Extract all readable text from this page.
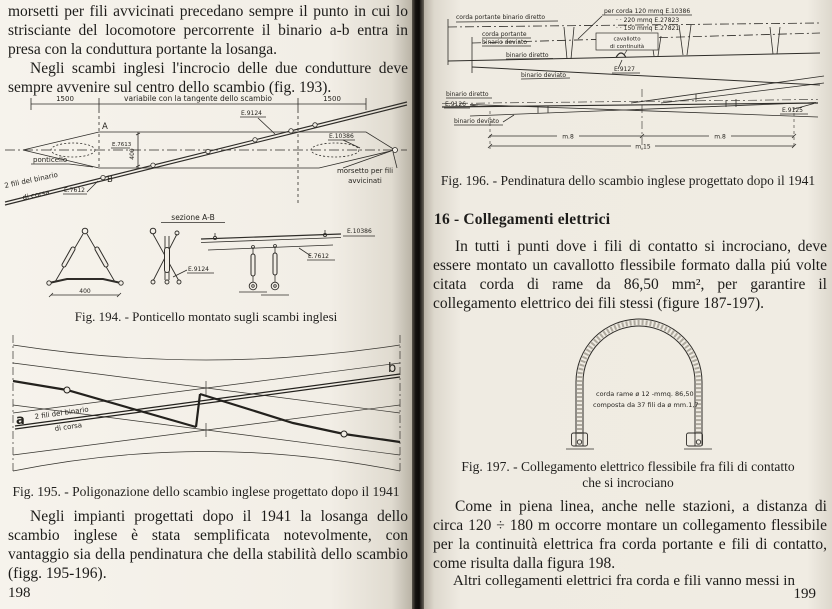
morsetti per fili avvicinati precedano sempre il punto in cui lo strisciante del locomotore percorrente il binario a-b entra in presa con la conduttura portante la losanga.

Negli scambi inglesi l'incrocio delle due condutture deve sempre avvenire sul centro dello scambio (fig. 193).

1500	variabile con la tangente dello scambio	1500
A
B
E.9124
E.10386
E.7613
400
ponticello
2 fili del binario
di corsa E.7612
morsetto per fili
avvicinati
sezione A-B
E.10386
E.7612
E.9124
400
Fig. 194. - Ponticello montato sugli scambi inglesi
a
b
2 fili del binario
di corsa
Fig. 195. - Poligonazione dello scambio inglese progettato dopo il 1941

Negli impianti progettati dopo il 1941 la losanga dello scambio inglese è stata semplificata notevolmente, con vantaggio sia della pendinatura che della stabilità dello scambio (figg. 195-196).

198
per corda 120 mmq E.10386
· · 220 mmq E.27823
· · 150 mmq E.27821
corda portante binario diretto
corda portante
binario deviato
binario diretto
binario deviato
cavallotto
di continuità
E.9127
binario diretto
E.9126
binario deviato
E.9125
m.8	m.8
m.15
Fig. 196. - Pendinatura dello scambio inglese progettato dopo il 1941
16 - Collegamenti elettrici

In tutti i punti dove i fili di contatto si incrociano, deve essere montato un cavallotto flessibile formato dalla piú volte citata corda di rame da 86,50 mm², per garantire il collegamento elettrico dei fili stessi (figure 187-197).

corda rame ø 12 -mmq. 86,50
composta da 37 fili da ø mm.1,7
Fig. 197. - Collegamento elettrico flessibile fra fili di contatto
che si incrociano

Come in piena linea, anche nelle stazioni, a distanza di circa 120 ÷ 180 m occorre montare un collegamento flessibile per la continuità elettrica fra corda portante e fili di contatto, come risulta dalla figura 198.

Altri collegamenti elettrici fra corda e fili vanno messi in

199
